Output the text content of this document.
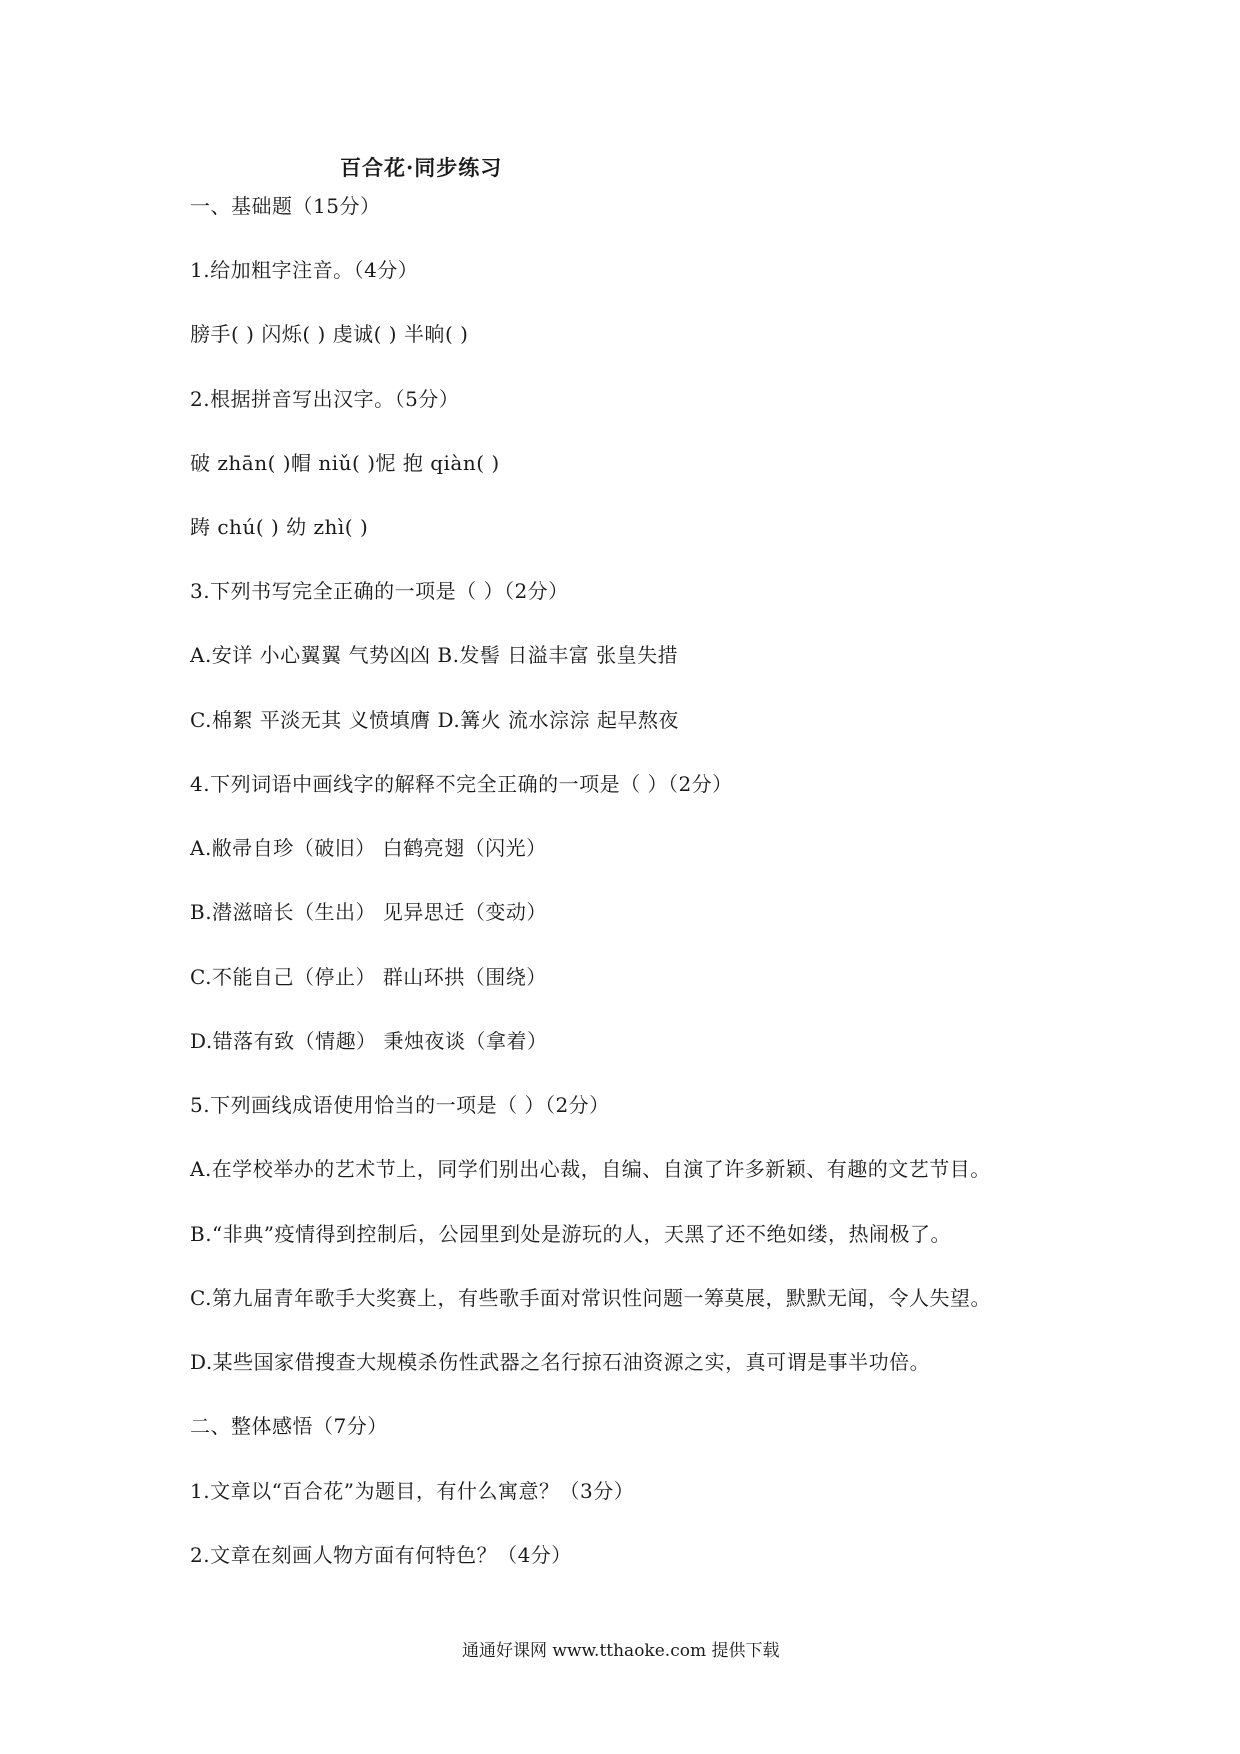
百合花·同步练习
一、基础题（15分）
1.给加粗字注音。（4分）
膀手( ) 闪烁( ) 虔诚( ) 半晌( )
2.根据拼音写出汉字。（5分）
破 zhān( )帽 niǔ( )怩 抱 qiàn( )
踌 chú( ) 幼 zhì( )
3.下列书写完全正确的一项是（ ）（2分）
A.安详 小心翼翼 气势凶凶 B.发髻 日溢丰富 张皇失措
C.棉絮 平淡无其 义愤填膺 D.篝火 流水淙淙 起早熬夜
4.下列词语中画线字的解释不完全正确的一项是（ ）（2分）
A.敝帚自珍（破旧） 白鹤亮翅（闪光）
B.潜滋暗长（生出） 见异思迁（变动）
C.不能自己（停止） 群山环拱（围绕）
D.错落有致（情趣） 秉烛夜谈（拿着）
5.下列画线成语使用恰当的一项是（ ）（2分）
A.在学校举办的艺术节上，同学们别出心裁，自编、自演了许多新颖、有趣的文艺节目。
B.“非典”疫情得到控制后，公园里到处是游玩的人，天黑了还不绝如缕，热闹极了。
C.第九届青年歌手大奖赛上，有些歌手面对常识性问题一筹莫展，默默无闻，令人失望。
D.某些国家借搜查大规模杀伤性武器之名行掠石油资源之实，真可谓是事半功倍。
二、整体感悟（7分）
1.文章以“百合花”为题目，有什么寓意？（3分）
2.文章在刻画人物方面有何特色？（4分）
通通好课网 www.tthaoke.com 提供下载
